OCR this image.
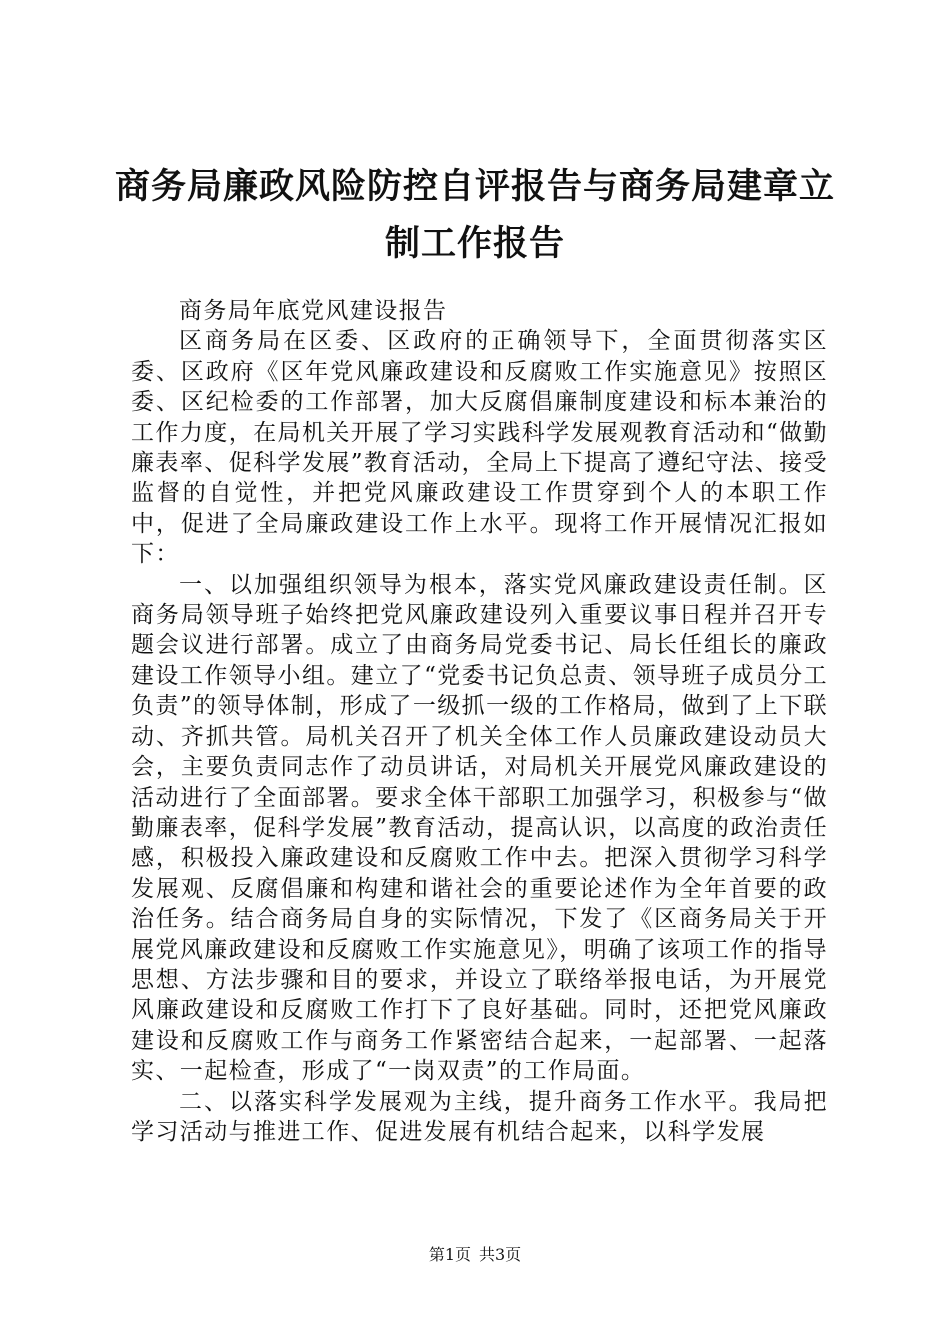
商务局廉政风险防控自评报告与商务局建章立制工作报告

商务局年底党风建设报告

区商务局在区委、区政府的正确领导下，全面贯彻落实区委、区政府《区年党风廉政建设和反腐败工作实施意见》按照区委、区纪检委的工作部署，加大反腐倡廉制度建设和标本兼治的工作力度，在局机关开展了学习实践科学发展观教育活动和“做勤廉表率、促科学发展”教育活动，全局上下提高了遵纪守法、接受监督的自觉性，并把党风廉政建设工作贯穿到个人的本职工作中，促进了全局廉政建设工作上水平。现将工作开展情况汇报如下：

一、以加强组织领导为根本，落实党风廉政建设责任制。区商务局领导班子始终把党风廉政建设列入重要议事日程并召开专题会议进行部署。成立了由商务局党委书记、局长任组长的廉政建设工作领导小组。建立了“党委书记负总责、领导班子成员分工负责”的领导体制，形成了一级抓一级的工作格局，做到了上下联动、齐抓共管。局机关召开了机关全体工作人员廉政建设动员大会，主要负责同志作了动员讲话，对局机关开展党风廉政建设的活动进行了全面部署。要求全体干部职工加强学习，积极参与“做勤廉表率，促科学发展”教育活动，提高认识，以高度的政治责任感，积极投入廉政建设和反腐败工作中去。把深入贯彻学习科学发展观、反腐倡廉和构建和谐社会的重要论述作为全年首要的政治任务。结合商务局自身的实际情况，下发了《区商务局关于开展党风廉政建设和反腐败工作实施意见》，明确了该项工作的指导思想、方法步骤和目的要求，并设立了联络举报电话，为开展党风廉政建设和反腐败工作打下了良好基础。同时，还把党风廉政建设和反腐败工作与商务工作紧密结合起来，一起部署、一起落实、一起检查，形成了“一岗双责”的工作局面。

二、以落实科学发展观为主线，提升商务工作水平。我局把学习活动与推进工作、促进发展有机结合起来，以科学发展

第1页 共3页
